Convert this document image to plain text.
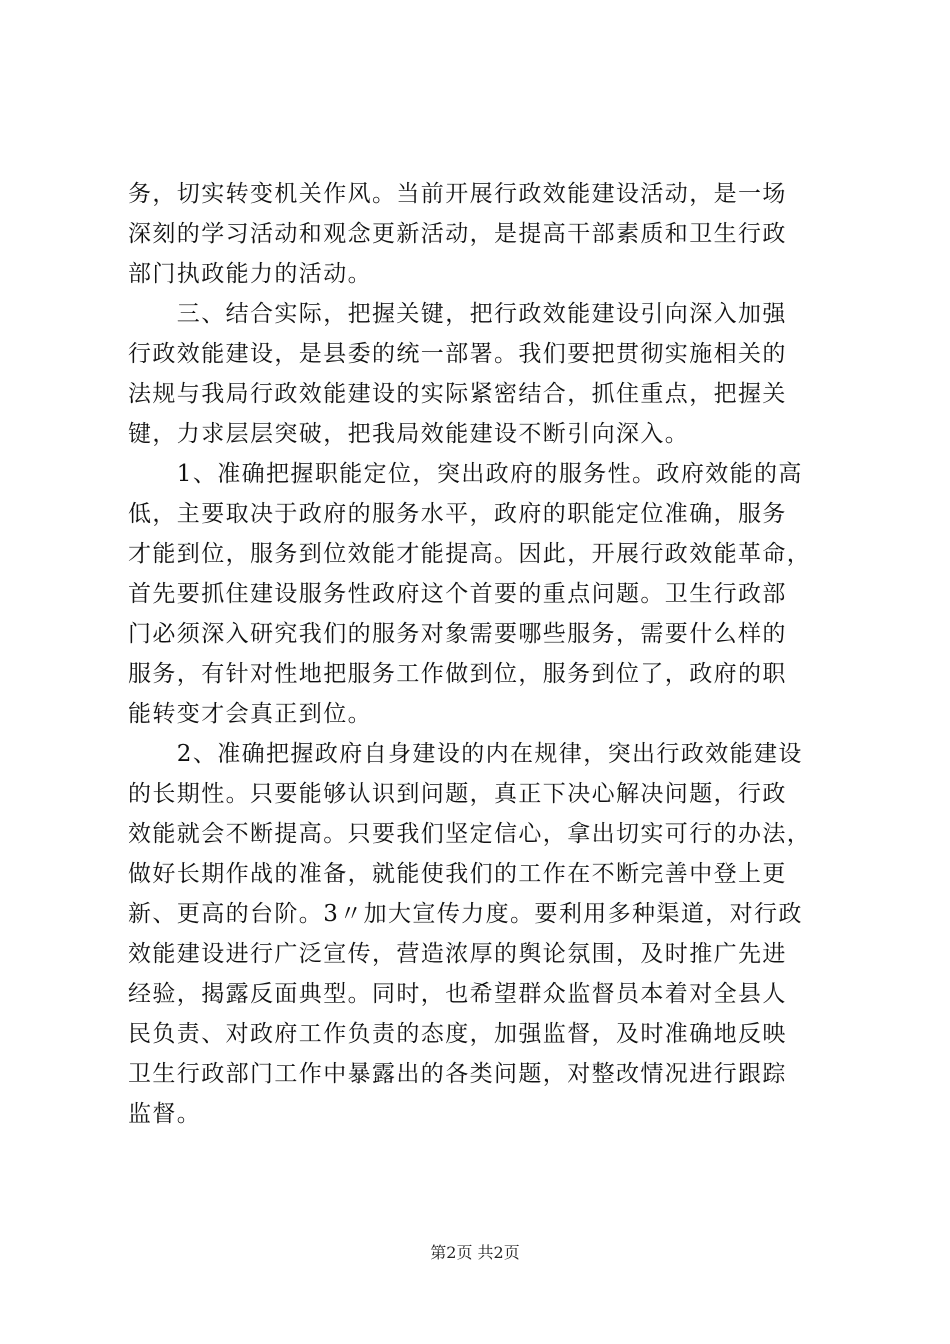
务，切实转变机关作风。当前开展行政效能建设活动，是一场
深刻的学习活动和观念更新活动，是提高干部素质和卫生行政
部门执政能力的活动。
　　三、结合实际，把握关键，把行政效能建设引向深入加强
行政效能建设，是县委的统一部署。我们要把贯彻实施相关的
法规与我局行政效能建设的实际紧密结合，抓住重点，把握关
键，力求层层突破，把我局效能建设不断引向深入。
　　1、准确把握职能定位，突出政府的服务性。政府效能的高
低，主要取决于政府的服务水平，政府的职能定位准确，服务
才能到位，服务到位效能才能提高。因此，开展行政效能革命，
首先要抓住建设服务性政府这个首要的重点问题。卫生行政部
门必须深入研究我们的服务对象需要哪些服务，需要什么样的
服务，有针对性地把服务工作做到位，服务到位了，政府的职
能转变才会真正到位。
　　2、准确把握政府自身建设的内在规律，突出行政效能建设
的长期性。只要能够认识到问题，真正下决心解决问题，行政
效能就会不断提高。只要我们坚定信心，拿出切实可行的办法，
做好长期作战的准备，就能使我们的工作在不断完善中登上更
新、更高的台阶。3〃加大宣传力度。要利用多种渠道，对行政
效能建设进行广泛宣传，营造浓厚的舆论氛围，及时推广先进
经验，揭露反面典型。同时，也希望群众监督员本着对全县人
民负责、对政府工作负责的态度，加强监督，及时准确地反映
卫生行政部门工作中暴露出的各类问题，对整改情况进行跟踪
监督。
第2页 共2页
